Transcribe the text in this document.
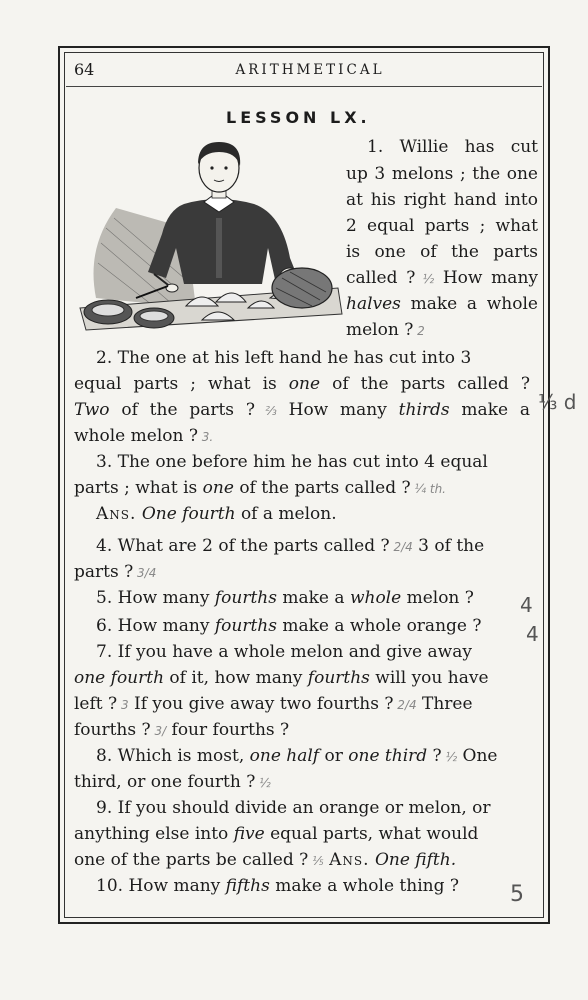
64	ARITHMETICAL
LESSON LX.
1. Willie has cut
up 3 melons ; the one
at his right hand into
2 equal parts ; what
is one of the parts
called ? ½ How many
halves make a whole
melon ? 2
2. The one at his left hand he has cut into 3
equal parts ; what is one of the parts called ?
Two of the parts ? ⅔ How many thirds make a
whole melon ? 3.
3. The one before him he has cut into 4 equal
parts ; what is one of the parts called ? ¼ th.
Ans. One fourth of a melon.
4. What are 2 of the parts called ? 2/4 3 of the
parts ? 3/4
5. How many fourths make a whole melon ?
6. How many fourths make a whole orange ?
7. If you have a whole melon and give away
one fourth of it, how many fourths will you have
left ? 3 If you give away two fourths ? 2/4 Three
fourths ? 3/ four fourths ?
8. Which is most, one half or one third ? ½ One
third, or one fourth ? ½
9. If you should divide an orange or melon, or
anything else into five equal parts, what would
one of the parts be called ? ⅕ Ans. One fifth.
10. How many fifths make a whole thing ?
⅓ d
4
4
5
